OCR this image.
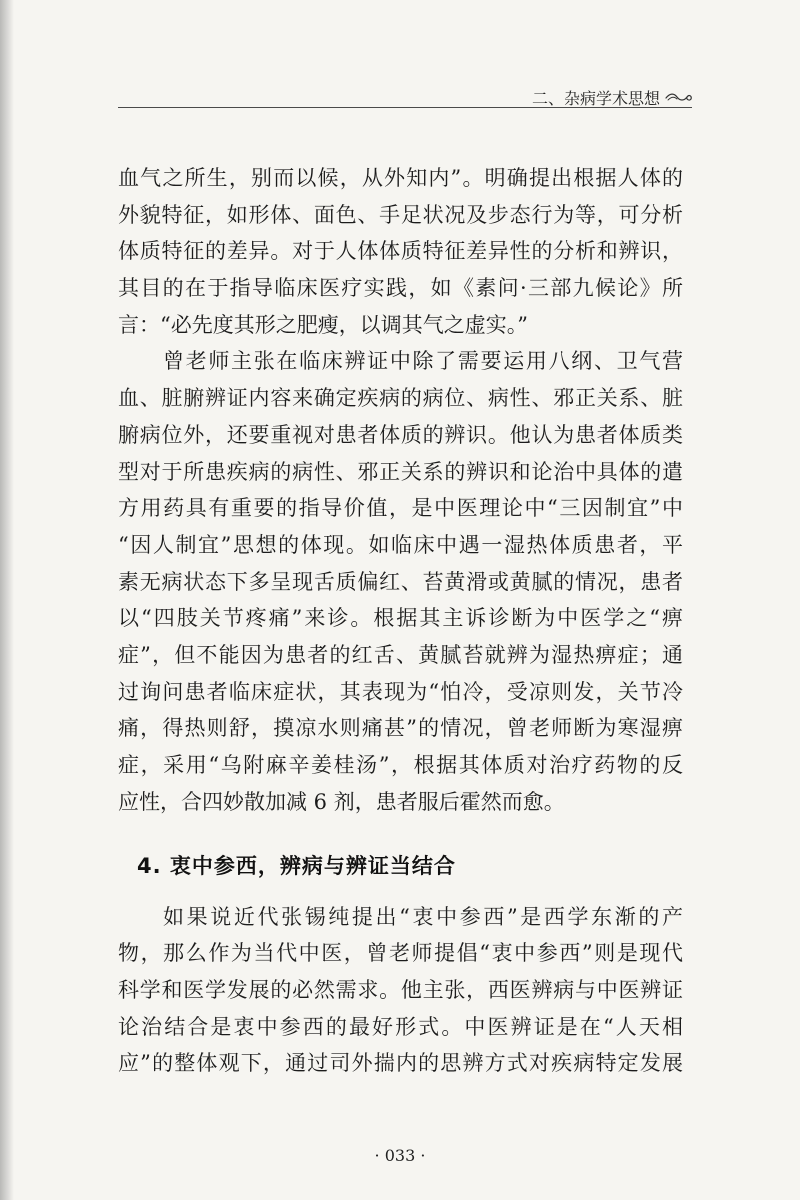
二、杂病学术思想
血气之所生，别而以候，从外知内”。明确提出根据人体的
外貌特征，如形体、面色、手足状况及步态行为等，可分析
体质特征的差异。对于人体体质特征差异性的分析和辨识，
其目的在于指导临床医疗实践，如《素问·三部九候论》所
言：“必先度其形之肥瘦，以调其气之虚实。”
曾老师主张在临床辨证中除了需要运用八纲、卫气营
血、脏腑辨证内容来确定疾病的病位、病性、邪正关系、脏
腑病位外，还要重视对患者体质的辨识。他认为患者体质类
型对于所患疾病的病性、邪正关系的辨识和论治中具体的遣
方用药具有重要的指导价值，是中医理论中“三因制宜”中
“因人制宜”思想的体现。如临床中遇一湿热体质患者，平
素无病状态下多呈现舌质偏红、苔黄滑或黄腻的情况，患者
以“四肢关节疼痛”来诊。根据其主诉诊断为中医学之“痹
症”，但不能因为患者的红舌、黄腻苔就辨为湿热痹症；通
过询问患者临床症状，其表现为“怕冷，受凉则发，关节冷
痛，得热则舒，摸凉水则痛甚”的情况，曾老师断为寒湿痹
症，采用“乌附麻辛姜桂汤”，根据其体质对治疗药物的反
应性，合四妙散加减 6 剂，患者服后霍然而愈。
4. 衷中参西，辨病与辨证当结合
如果说近代张锡纯提出“衷中参西”是西学东渐的产
物，那么作为当代中医，曾老师提倡“衷中参西”则是现代
科学和医学发展的必然需求。他主张，西医辨病与中医辨证
论治结合是衷中参西的最好形式。中医辨证是在“人天相
应”的整体观下，通过司外揣内的思辨方式对疾病特定发展
· 033 ·
